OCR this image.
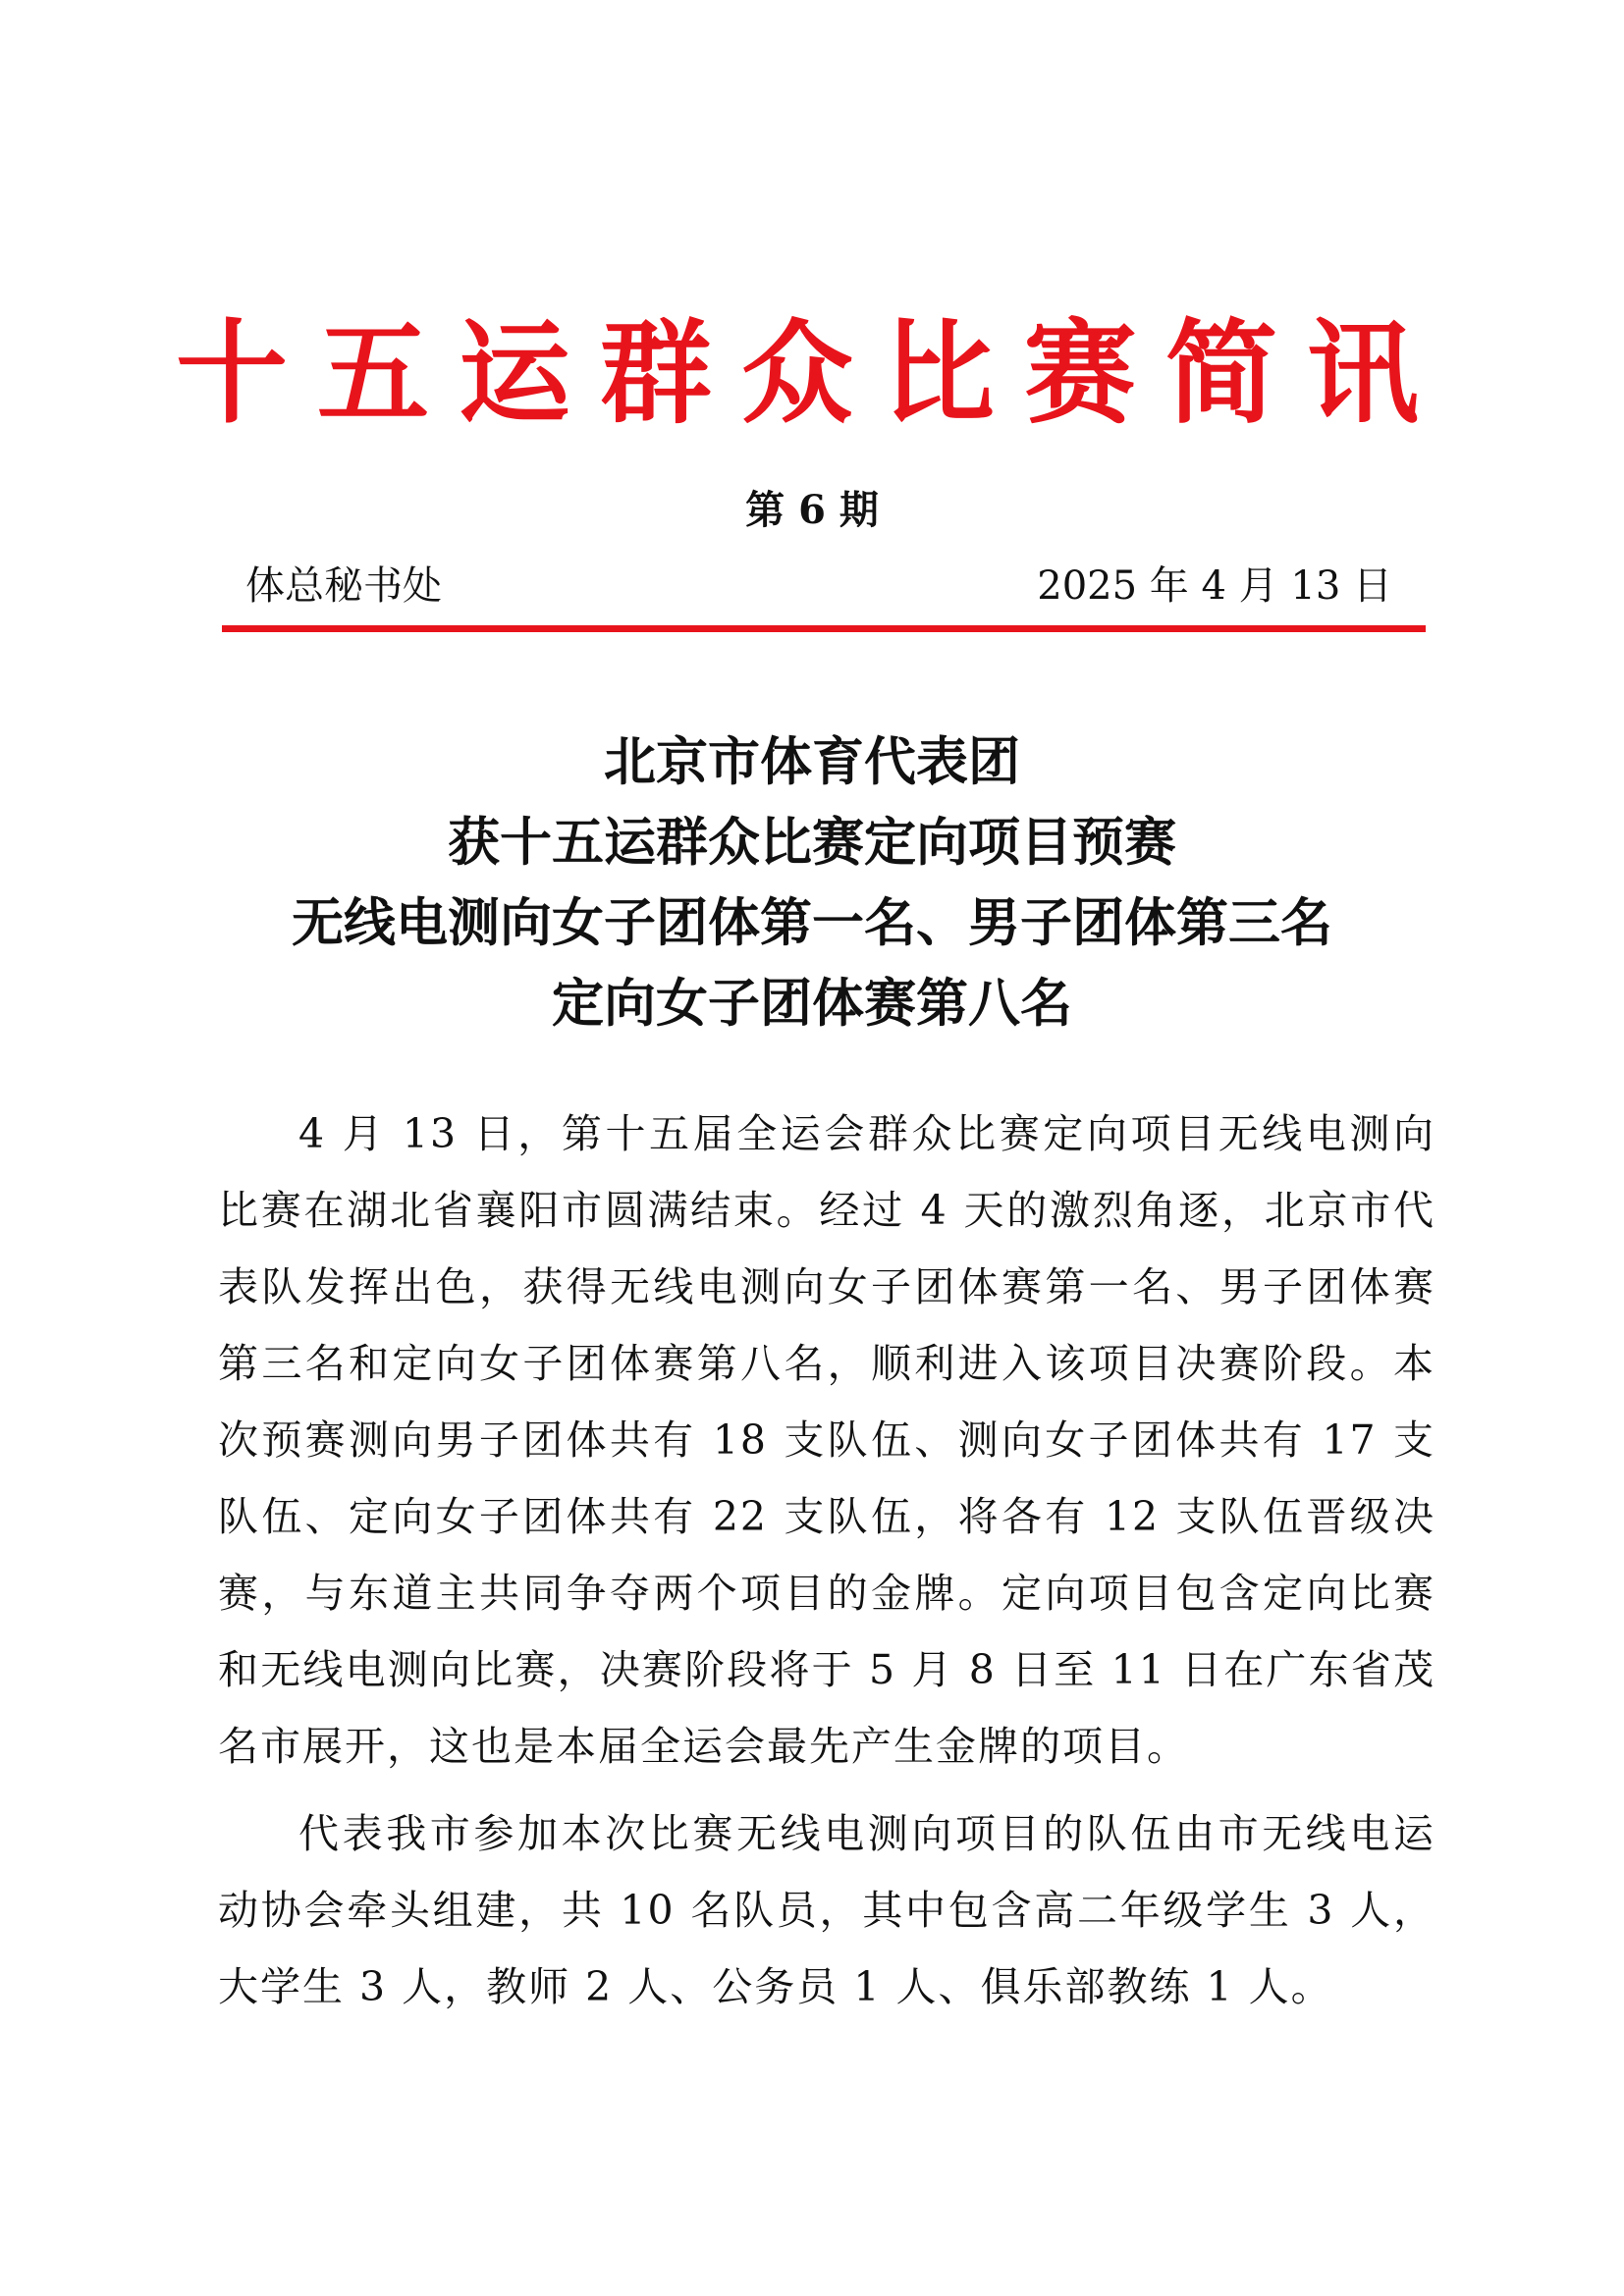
十五运群众比赛简讯
第 6 期
体总秘书处	2025 年 4 月 13 日
北京市体育代表团
获十五运群众比赛定向项目预赛
无线电测向女子团体第一名、男子团体第三名
定向女子团体赛第八名

4 月 13 日，第十五届全运会群众比赛定向项目无线电测向比赛在湖北省襄阳市圆满结束。经过 4 天的激烈角逐，北京市代表队发挥出色，获得无线电测向女子团体赛第一名、男子团体赛第三名和定向女子团体赛第八名，顺利进入该项目决赛阶段。本次预赛测向男子团体共有 18 支队伍、测向女子团体共有 17 支队伍、定向女子团体共有 22 支队伍，将各有 12 支队伍晋级决赛，与东道主共同争夺两个项目的金牌。定向项目包含定向比赛和无线电测向比赛，决赛阶段将于 5 月 8 日至 11 日在广东省茂名市展开，这也是本届全运会最先产生金牌的项目。

代表我市参加本次比赛无线电测向项目的队伍由市无线电运动协会牵头组建，共 10 名队员，其中包含高二年级学生 3 人，大学生 3 人，教师 2 人、公务员 1 人、俱乐部教练 1 人。
